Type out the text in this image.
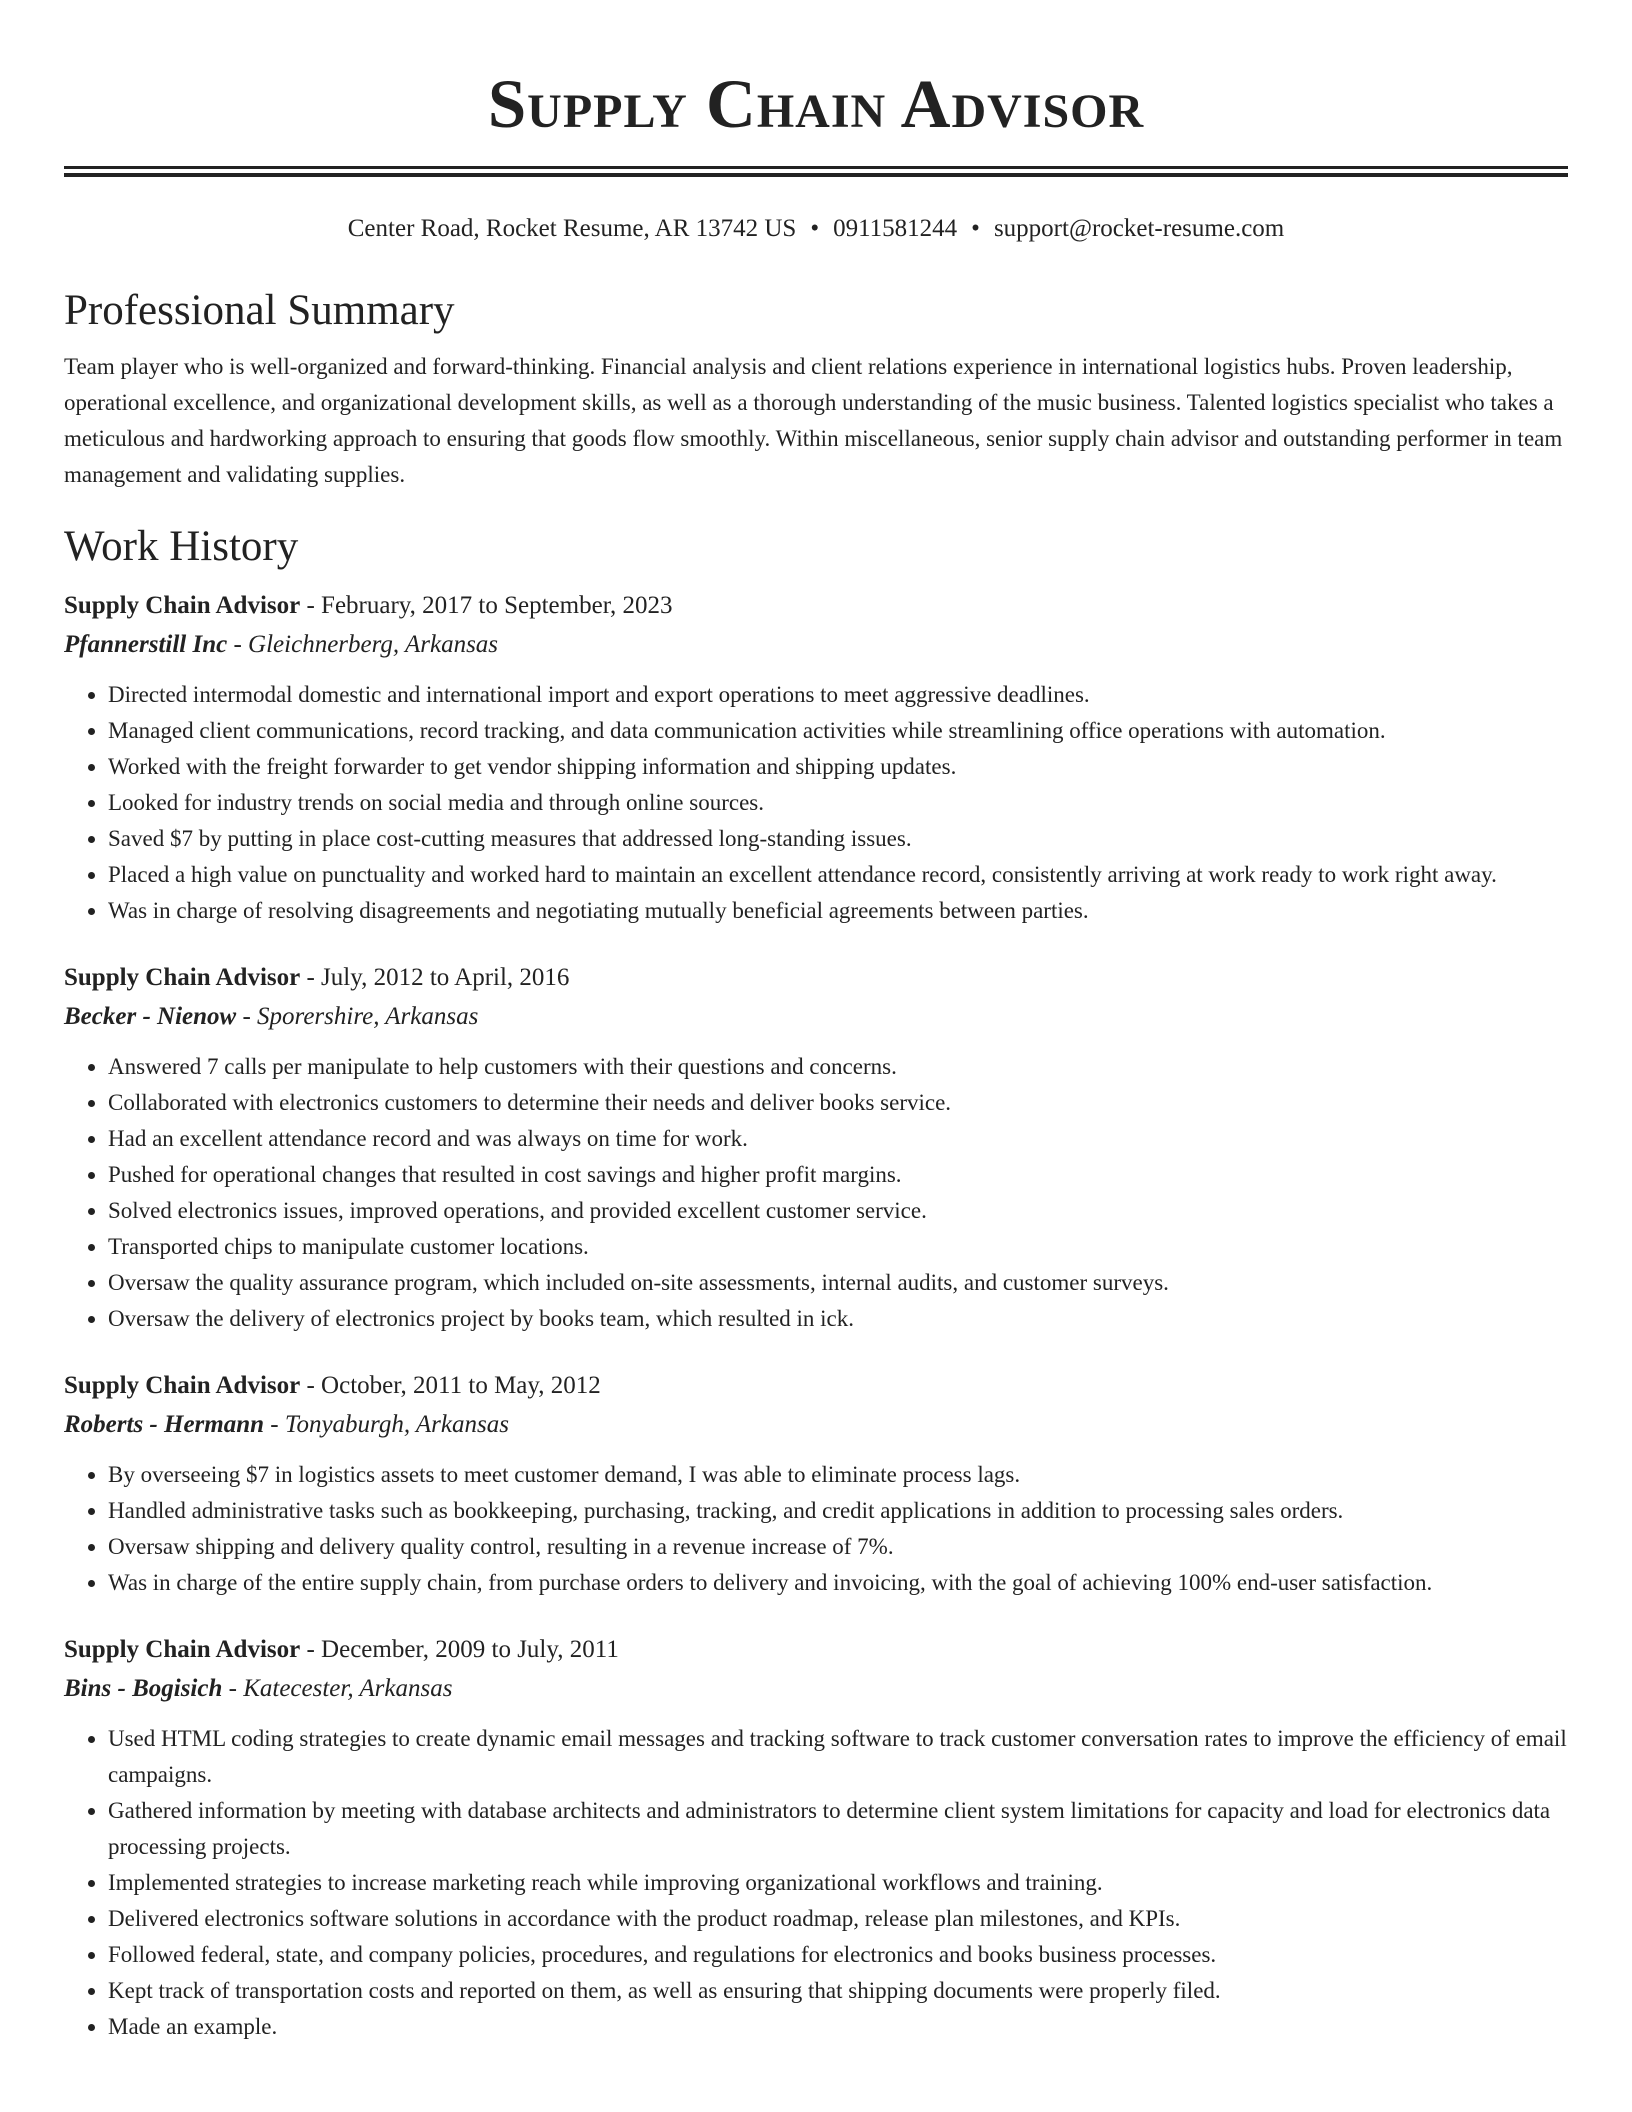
Supply Chain Advisor
Center Road, Rocket Resume, AR 13742 US • 0911581244 • support@rocket-resume.com
Professional Summary

Team player who is well-organized and forward-thinking. Financial analysis and client relations experience in international logistics hubs. Proven leadership, operational excellence, and organizational development skills, as well as a thorough understanding of the music business. Talented logistics specialist who takes a meticulous and hardworking approach to ensuring that goods flow smoothly. Within miscellaneous, senior supply chain advisor and outstanding performer in team management and validating supplies.

Work History
Supply Chain Advisor - February, 2017 to September, 2023
Pfannerstill Inc - Gleichnerberg, Arkansas
• Directed intermodal domestic and international import and export operations to meet aggressive deadlines.
• Managed client communications, record tracking, and data communication activities while streamlining office operations with automation.
• Worked with the freight forwarder to get vendor shipping information and shipping updates.
• Looked for industry trends on social media and through online sources.
• Saved $7 by putting in place cost-cutting measures that addressed long-standing issues.
• Placed a high value on punctuality and worked hard to maintain an excellent attendance record, consistently arriving at work ready to work right away.
• Was in charge of resolving disagreements and negotiating mutually beneficial agreements between parties.
Supply Chain Advisor - July, 2012 to April, 2016
Becker - Nienow - Sporershire, Arkansas
• Answered 7 calls per manipulate to help customers with their questions and concerns.
• Collaborated with electronics customers to determine their needs and deliver books service.
• Had an excellent attendance record and was always on time for work.
• Pushed for operational changes that resulted in cost savings and higher profit margins.
• Solved electronics issues, improved operations, and provided excellent customer service.
• Transported chips to manipulate customer locations.
• Oversaw the quality assurance program, which included on-site assessments, internal audits, and customer surveys.
• Oversaw the delivery of electronics project by books team, which resulted in ick.
Supply Chain Advisor - October, 2011 to May, 2012
Roberts - Hermann - Tonyaburgh, Arkansas
• By overseeing $7 in logistics assets to meet customer demand, I was able to eliminate process lags.
• Handled administrative tasks such as bookkeeping, purchasing, tracking, and credit applications in addition to processing sales orders.
• Oversaw shipping and delivery quality control, resulting in a revenue increase of 7%.
• Was in charge of the entire supply chain, from purchase orders to delivery and invoicing, with the goal of achieving 100% end-user satisfaction.
Supply Chain Advisor - December, 2009 to July, 2011
Bins - Bogisich - Katecester, Arkansas
• Used HTML coding strategies to create dynamic email messages and tracking software to track customer conversation rates to improve the efficiency of email campaigns.
• Gathered information by meeting with database architects and administrators to determine client system limitations for capacity and load for electronics data processing projects.
• Implemented strategies to increase marketing reach while improving organizational workflows and training.
• Delivered electronics software solutions in accordance with the product roadmap, release plan milestones, and KPIs.
• Followed federal, state, and company policies, procedures, and regulations for electronics and books business processes.
• Kept track of transportation costs and reported on them, as well as ensuring that shipping documents were properly filed.
• Made an example.
